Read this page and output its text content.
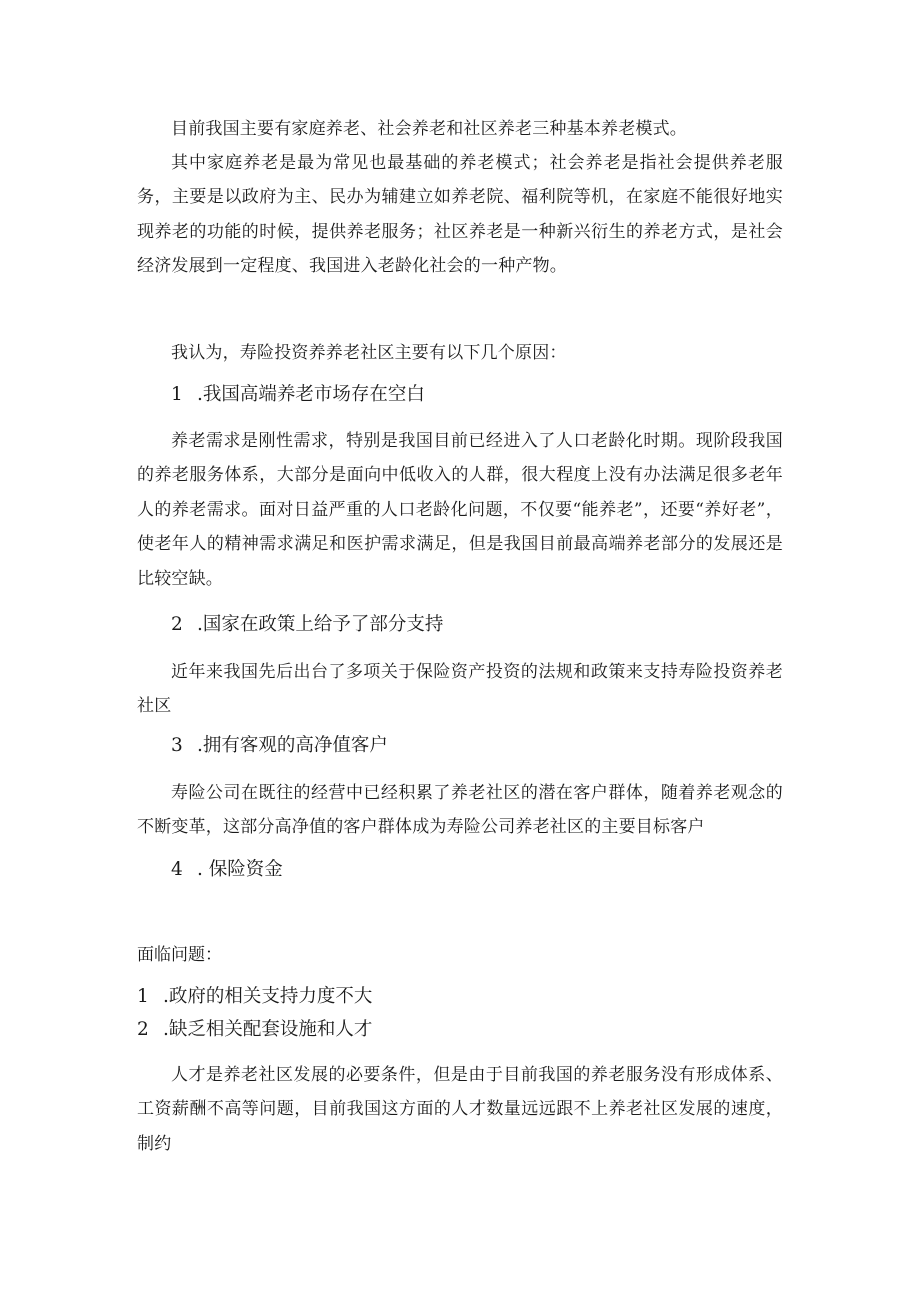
目前我国主要有家庭养老、社会养老和社区养老三种基本养老模式。

其中家庭养老是最为常见也最基础的养老模式；社会养老是指社会提供养老服务，主要是以政府为主、民办为辅建立如养老院、福利院等机，在家庭不能很好地实现养老的功能的时候，提供养老服务；社区养老是一种新兴衍生的养老方式，是社会经济发展到一定程度、我国进入老龄化社会的一种产物。

我认为，寿险投资养养老社区主要有以下几个原因：

1 .我国高端养老市场存在空白

养老需求是刚性需求，特别是我国目前已经进入了人口老龄化时期。现阶段我国的养老服务体系，大部分是面向中低收入的人群，很大程度上没有办法满足很多老年人的养老需求。面对日益严重的人口老龄化问题，不仅要“能养老”，还要“养好老”，使老年人的精神需求满足和医护需求满足，但是我国目前最高端养老部分的发展还是比较空缺。

2 .国家在政策上给予了部分支持

近年来我国先后出台了多项关于保险资产投资的法规和政策来支持寿险投资养老社区

3 .拥有客观的高净值客户

寿险公司在既往的经营中已经积累了养老社区的潜在客户群体，随着养老观念的不断变革，这部分高净值的客户群体成为寿险公司养老社区的主要目标客户

4 . 保险资金

面临问题：

1 .政府的相关支持力度不大

2 .缺乏相关配套设施和人才

人才是养老社区发展的必要条件，但是由于目前我国的养老服务没有形成体系、工资薪酬不高等问题，目前我国这方面的人才数量远远跟不上养老社区发展的速度，制约
